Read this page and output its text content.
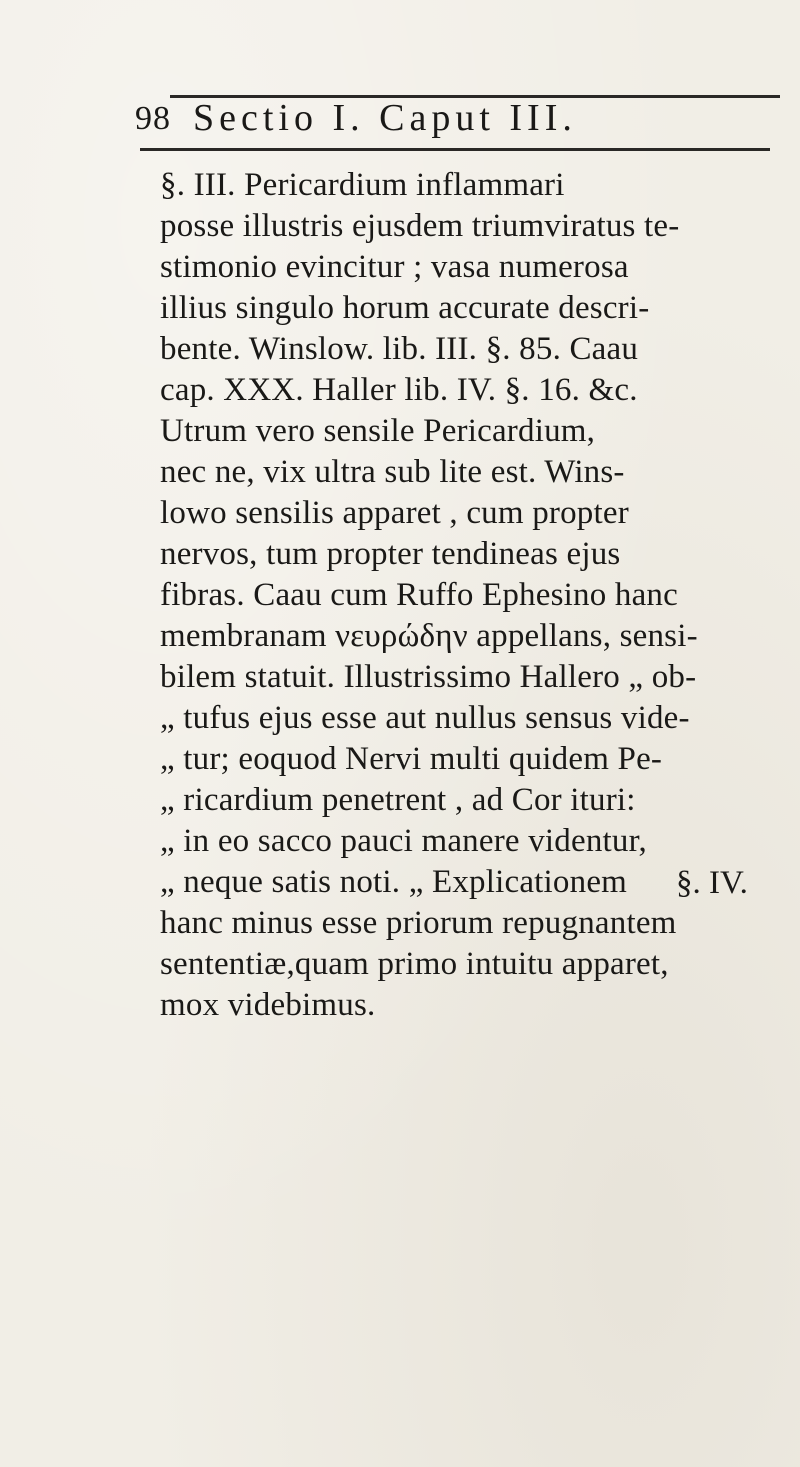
98 Sectio I. Caput III.
§. III. Pericardium inflammari
posse illustris ejusdem triumviratus te-
stimonio evincitur ; vasa numerosa
illius singulo horum accurate descri-
bente. Winslow. lib. III. §. 85. Caau
cap. XXX. Haller lib. IV. §. 16. &c.
Utrum vero sensile Pericardium,
nec ne, vix ultra sub lite est. Wins-
lowo sensilis apparet , cum propter
nervos, tum propter tendineas ejus
fibras. Caau cum Ruffo Ephesino hanc
membranam νευρώδην appellans, sensi-
bilem statuit. Illustrissimo Hallero „ ob-
„ tufus ejus esse aut nullus sensus vide-
„ tur; eoquod Nervi multi quidem Pe-
„ ricardium penetrent , ad Cor ituri:
„ in eo sacco pauci manere videntur,
„ neque satis noti. „ Explicationem
hanc minus esse priorum repugnantem
sententiæ,quam primo intuitu apparet,
mox videbimus.
§. IV.
